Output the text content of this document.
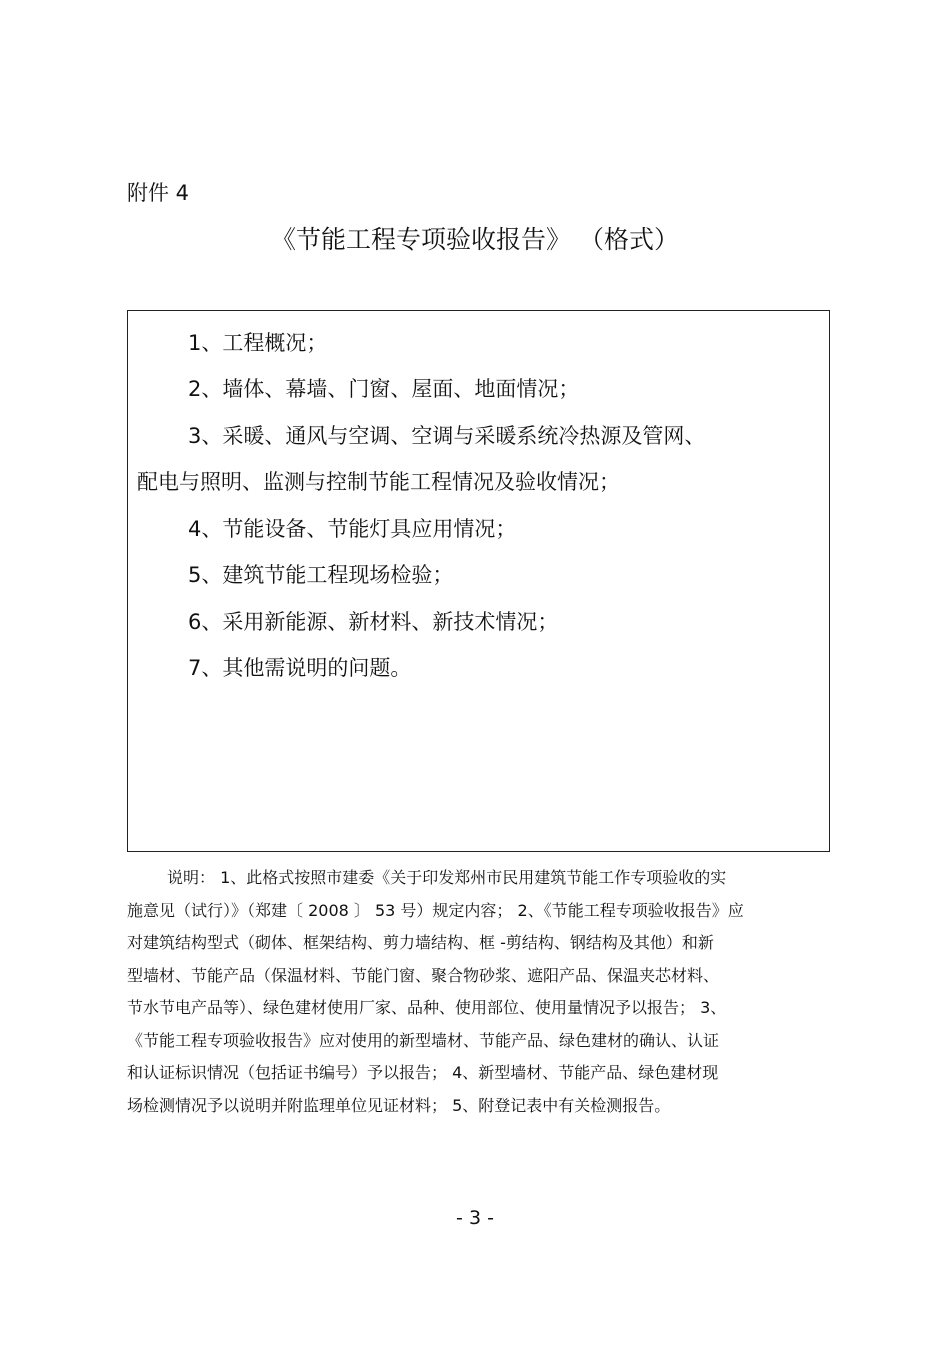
附件 4
《节能工程专项验收报告》 （格式）
1、工程概况；
2、墙体、幕墙、门窗、屋面、地面情况；
3、采暖、通风与空调、空调与采暖系统冷热源及管网、
配电与照明、监测与控制节能工程情况及验收情况；
4、节能设备、节能灯具应用情况；
5、建筑节能工程现场检验；
6、采用新能源、新材料、新技术情况；
7、其他需说明的问题。
说明： 1、此格式按照市建委《关于印发郑州市民用建筑节能工作专项验收的实
施意见（试行）》（郑建〔 2008 〕 53 号）规定内容； 2、《节能工程专项验收报告》应
对建筑结构型式（砌体、框架结构、剪力墙结构、框 -剪结构、钢结构及其他）和新
型墙材、节能产品（保温材料、节能门窗、聚合物砂浆、遮阳产品、保温夹芯材料、
节水节电产品等）、绿色建材使用厂家、品种、使用部位、使用量情况予以报告； 3、
《节能工程专项验收报告》应对使用的新型墙材、节能产品、绿色建材的确认、认证
和认证标识情况（包括证书编号）予以报告； 4、新型墙材、节能产品、绿色建材现
场检测情况予以说明并附监理单位见证材料； 5、附登记表中有关检测报告。
- 3 -
